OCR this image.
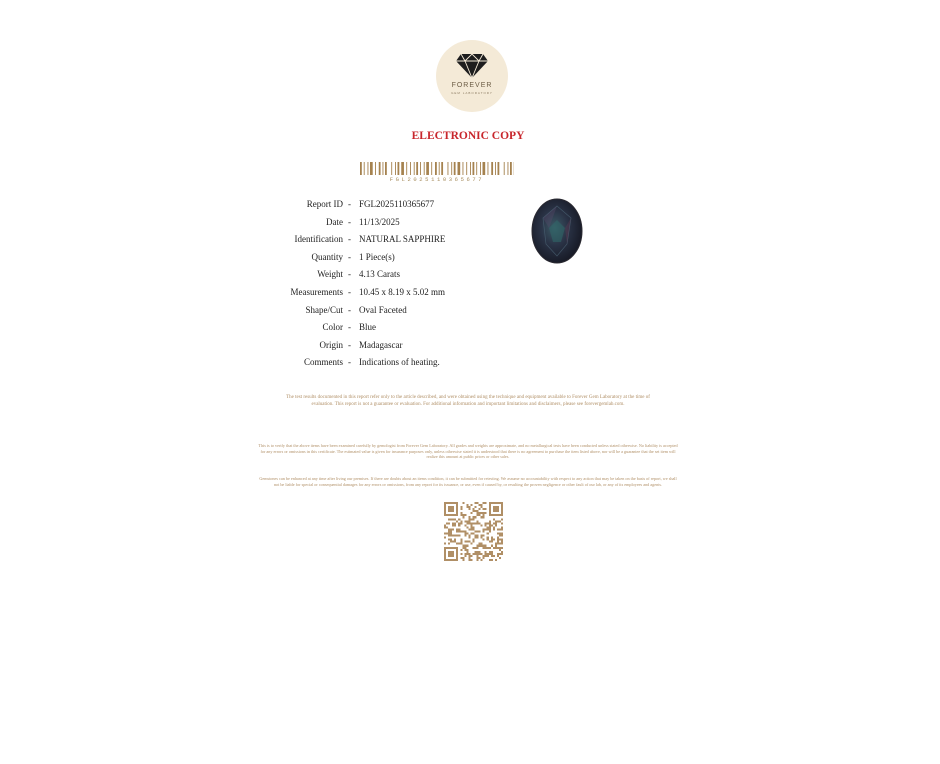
FOREVER
GEM LABORATORY
ELECTRONIC COPY
FGL2025110365677
Report ID - FGL2025110365677
Date - 11/13/2025
Identification - NATURAL SAPPHIRE
Quantity - 1 Piece(s)
Weight - 4.13 Carats
Measurements - 10.45 x 8.19 x 5.02 mm
Shape/Cut - Oval Faceted
Color - Blue
Origin - Madagascar
Comments - Indications of heating.
The test results documented in this report refer only to the article described, and were obtained using the technique and equipment available to Forever Gem Laboratory at the time of evaluation. This report is not a guarantee or evaluation. For additional information and important limitations and disclaimers, please see forevergemlab.com.
This is to verify that the above items have been examined carefully by gemologist from Forever Gem Laboratory. All grades and weights are approximate, and no metallurgical tests have been conducted unless stated otherwise. No liability is accepted for any errors or omissions in this certificate. The estimated value is given for insurance purposes only, unless otherwise stated it is understood that there is no agreement to purchase the item listed above, nor will be a guarantee that the set item will realize this amount at public prices or other sales.
Gemstones can be enhanced at any time after living our premises. If there are doubts about an items condition, it can be submitted for retesting. We assume no accountability with respect to any action that may be taken on the basis of report, we shall not be liable for special or consequential damages for any errors or omissions, from any report for its issuance, or use, even if caused by, or resulting the proven negligence or other fault of our lab, or any of its employees and agents.
